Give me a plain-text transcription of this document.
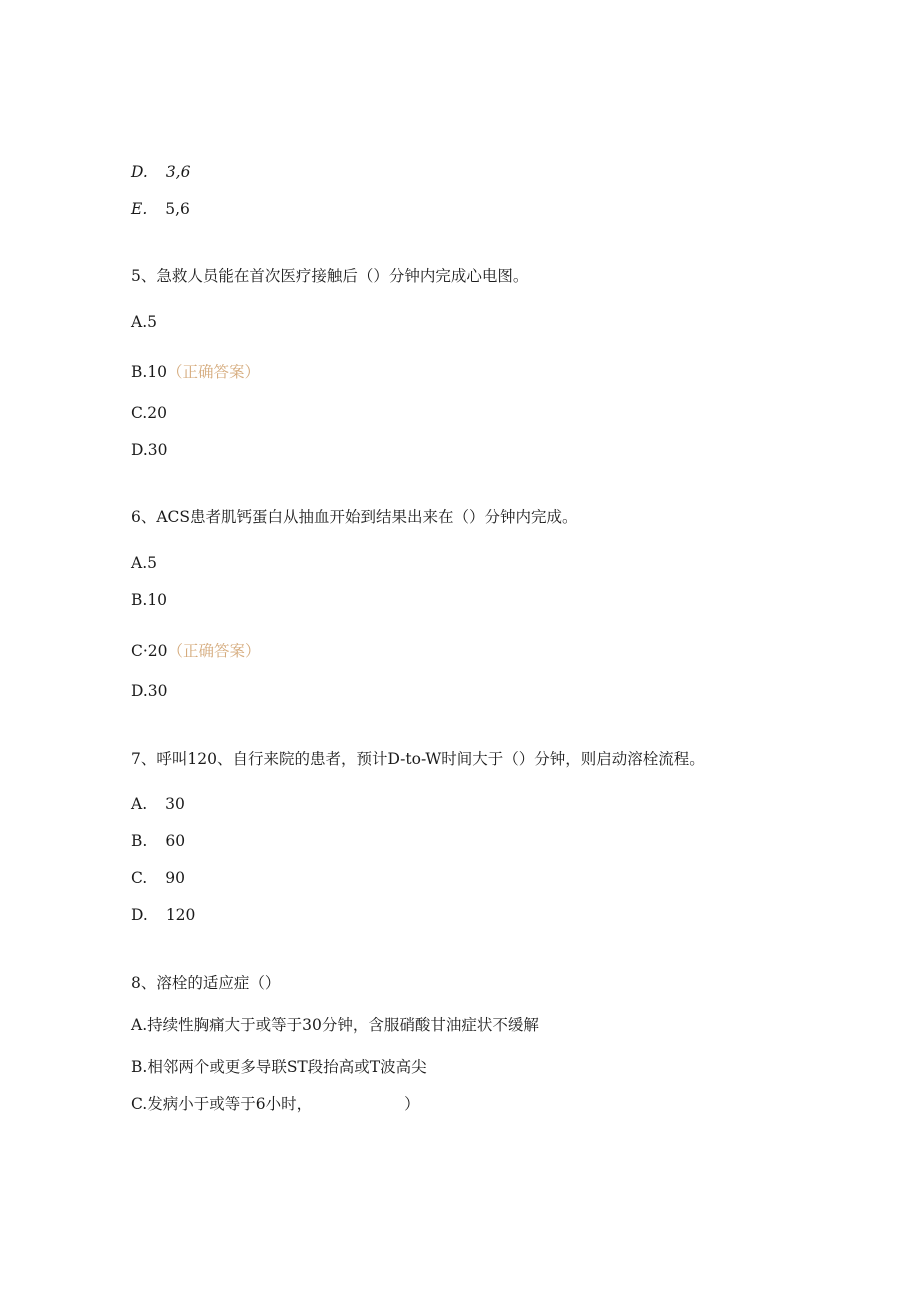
D. 3,6
E. 5,6
5、急救人员能在首次医疗接触后（）分钟内完成心电图。
A.5
B.10（正确答案）
C.20
D.30
6、ACS患者肌钙蛋白从抽血开始到结果出来在（）分钟内完成。
A.5
B.10
C·20（正确答案）
D.30
7、呼叫120、自行来院的患者，预计D-to-W时间大于（）分钟，则启动溶栓流程。
A. 30
B. 60
C. 90
D. 120
8、溶栓的适应症（）
A.持续性胸痛大于或等于30分钟，含服硝酸甘油症状不缓解
B.相邻两个或更多导联ST段抬高或T波高尖
C.发病小于或等于6小时，	）
